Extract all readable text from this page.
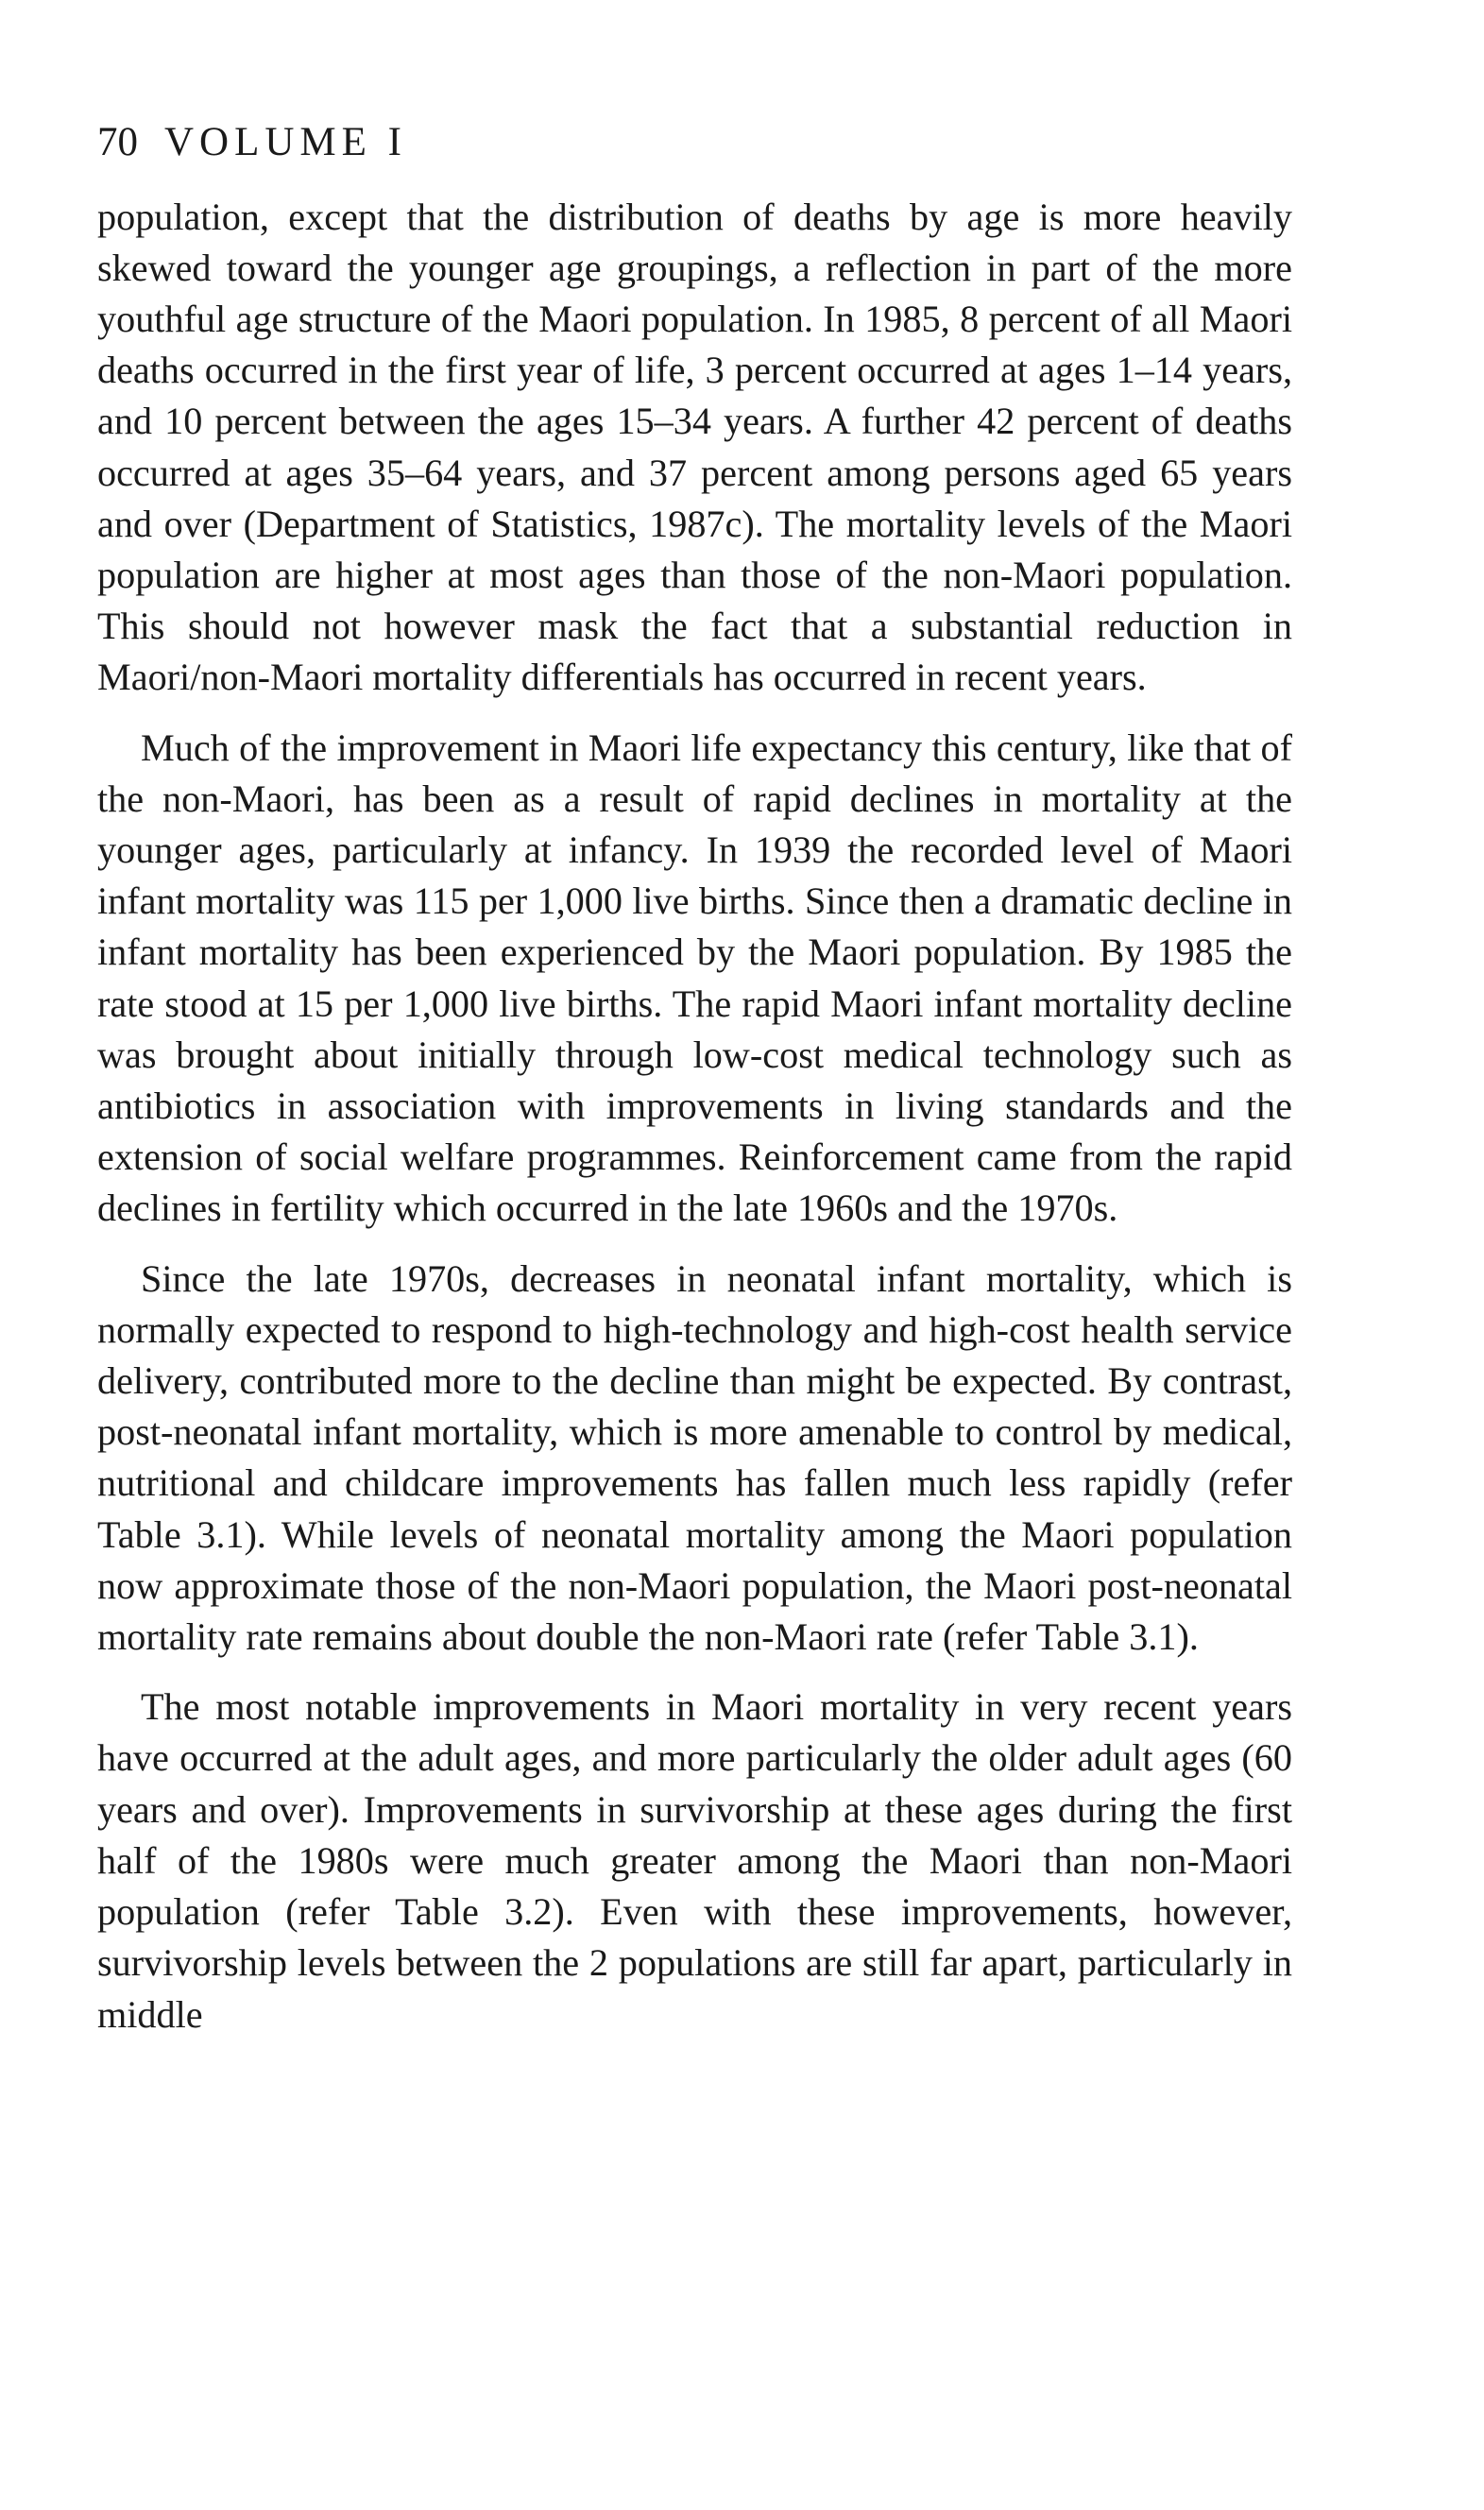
70 VOLUME I

population, except that the distribution of deaths by age is more heavily skewed toward the younger age groupings, a reflection in part of the more youthful age structure of the Maori population. In 1985, 8 percent of all Maori deaths occurred in the first year of life, 3 percent occurred at ages 1–14 years, and 10 percent between the ages 15–34 years. A further 42 percent of deaths occurred at ages 35–64 years, and 37 percent among persons aged 65 years and over (Department of Statistics, 1987c). The mortality levels of the Maori population are higher at most ages than those of the non-Maori population. This should not however mask the fact that a substantial reduction in Maori/non-Maori mortality differentials has occurred in recent years.

Much of the improvement in Maori life expectancy this century, like that of the non-Maori, has been as a result of rapid declines in mortality at the younger ages, particularly at infancy. In 1939 the recorded level of Maori infant mortality was 115 per 1,000 live births. Since then a dramatic decline in infant mortality has been experienced by the Maori population. By 1985 the rate stood at 15 per 1,000 live births. The rapid Maori infant mortality decline was brought about initially through low-cost medical technology such as antibiotics in association with improvements in living standards and the extension of social welfare programmes. Reinforcement came from the rapid declines in fertility which occurred in the late 1960s and the 1970s.

Since the late 1970s, decreases in neonatal infant mortality, which is normally expected to respond to high-technology and high-cost health service delivery, contributed more to the decline than might be expected. By contrast, post-neonatal infant mortality, which is more amenable to control by medical, nutritional and childcare improvements has fallen much less rapidly (refer Table 3.1). While levels of neonatal mortality among the Maori population now approximate those of the non-Maori population, the Maori post-neonatal mortality rate remains about double the non-Maori rate (refer Table 3.1).

The most notable improvements in Maori mortality in very recent years have occurred at the adult ages, and more particularly the older adult ages (60 years and over). Improvements in survivorship at these ages during the first half of the 1980s were much greater among the Maori than non-Maori population (refer Table 3.2). Even with these improvements, however, survivorship levels between the 2 populations are still far apart, particularly in middle
